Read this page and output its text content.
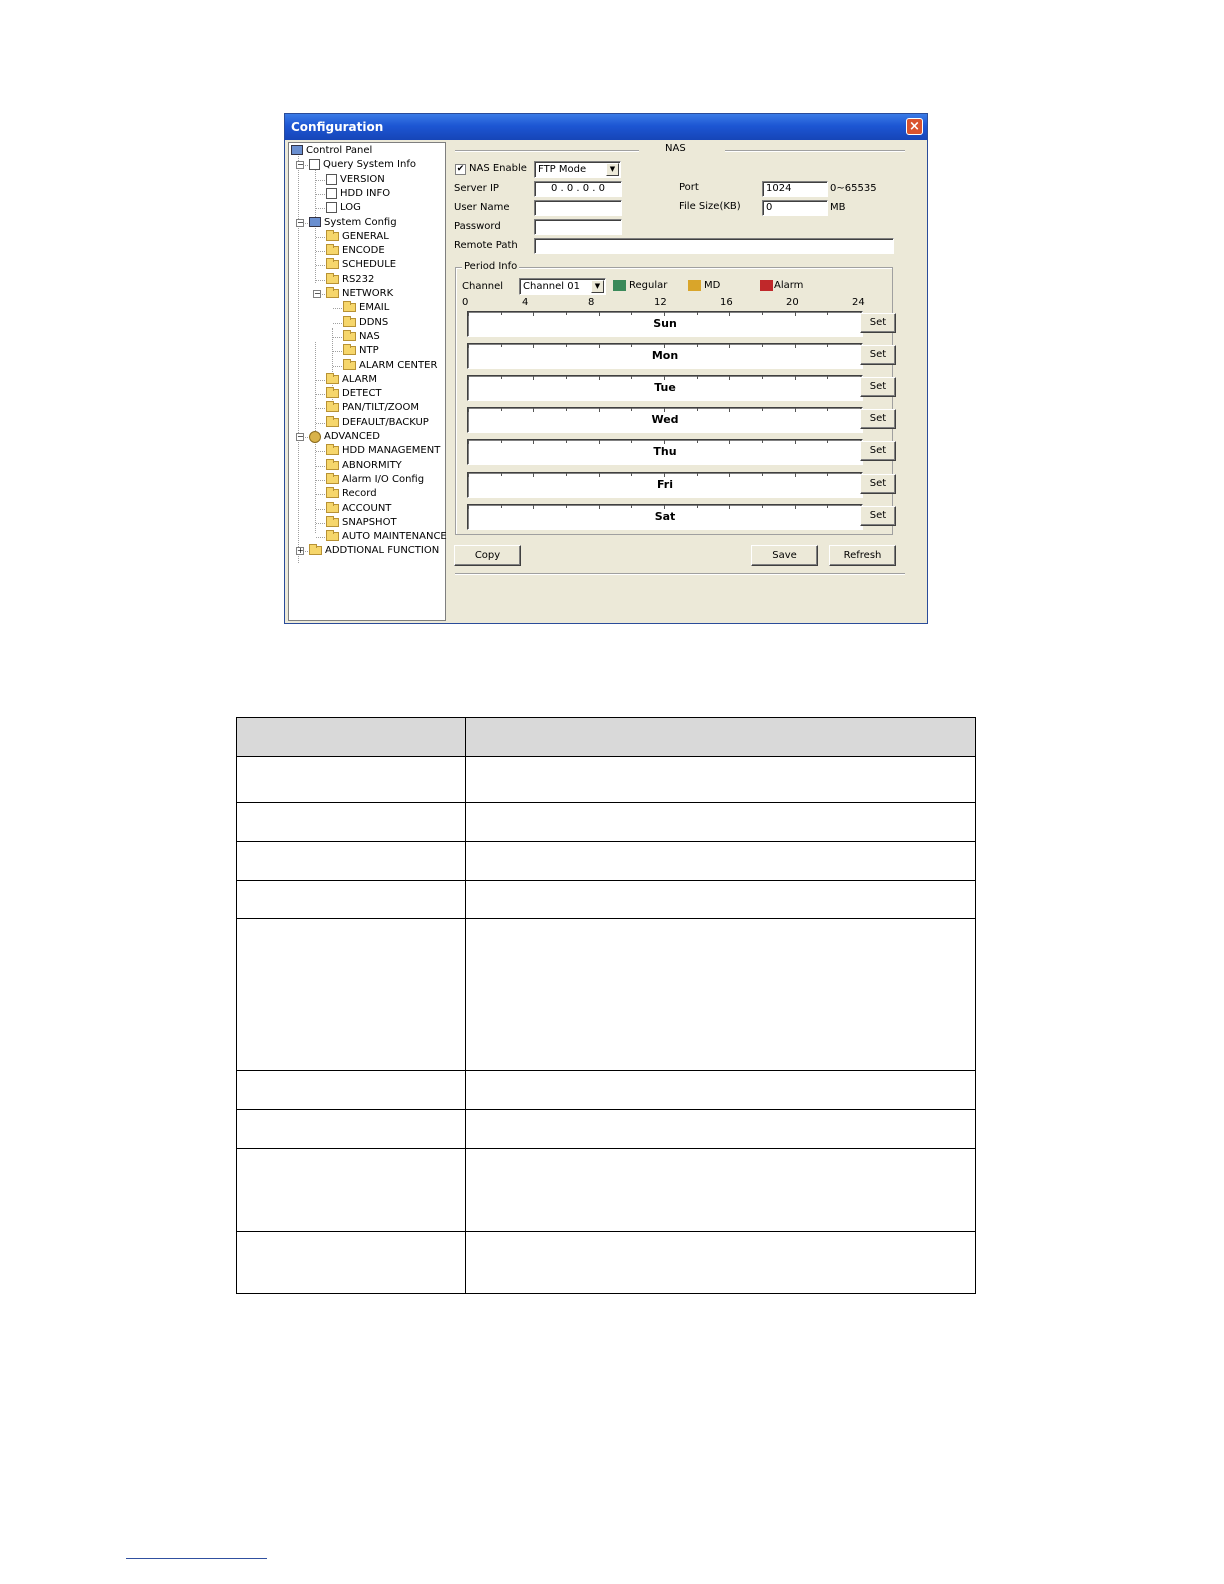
Configuration	×
Control Panel
−	Query System Info
VERSION
HDD INFO
LOG
−	System Config
GENERAL
ENCODE
SCHEDULE
RS232
−	NETWORK
EMAIL
DDNS
NAS
NTP
ALARM CENTER
ALARM
DETECT
PAN/TILT/ZOOM
DEFAULT/BACKUP
−	ADVANCED
HDD MANAGEMENT
ABNORMITY
Alarm I/O Config
Record
ACCOUNT
SNAPSHOT
AUTO MAINTENANCE
+	ADDTIONAL FUNCTION
NAS
✔ NAS Enable	FTP Mode	▼
Server IP	0 . 0 . 0 . 0	Port	1024	0~65535
User Name	File Size(KB)	0	MB
Password
Remote Path
Period Info
Channel	Channel 01	▼	Regular	MD	Alarm
0	4	8	12	16	20	24
Sun	Set
Mon	Set
Tue	Set
Wed	Set
Thu	Set
Fri	Set
Sat	Set
Copy	Save	Refresh
